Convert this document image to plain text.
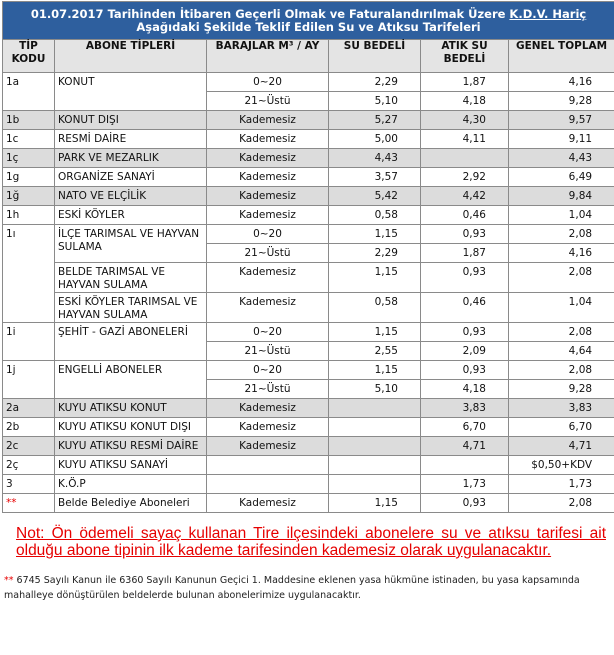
01.07.2017 Tarihinden İtibaren Geçerli Olmak ve Faturalandırılmak Üzere K.D.V. Hariç Aşağıdaki Şekilde Teklif Edilen Su ve Atıksu Tarifeleri					
TİP KODU	ABONE TİPLERİ	BARAJLAR M³ / AY	SU BEDELİ	ATIK SU BEDELİ	GENEL TOPLAM
1a	KONUT	0~20	2,29	1,87	4,16
		21~Üstü	5,10	4,18	9,28
1b	KONUT DIŞI	Kademesiz	5,27	4,30	9,57
1c	RESMİ DAİRE	Kademesiz	5,00	4,11	9,11
1ç	PARK VE MEZARLIK	Kademesiz	4,43		4,43
1g	ORGANİZE SANAYİ	Kademesiz	3,57	2,92	6,49
1ğ	NATO VE ELÇİLİK	Kademesiz	5,42	4,42	9,84
1h	ESKİ KÖYLER	Kademesiz	0,58	0,46	1,04
1ı	İLÇE TARIMSAL VE HAYVAN SULAMA	0~20	1,15	0,93	2,08
		21~Üstü	2,29	1,87	4,16
	BELDE TARIMSAL VE HAYVAN SULAMA	Kademesiz	1,15	0,93	2,08
	ESKİ KÖYLER TARIMSAL VE HAYVAN SULAMA	Kademesiz	0,58	0,46	1,04
1i	ŞEHİT - GAZİ ABONELERİ	0~20	1,15	0,93	2,08
		21~Üstü	2,55	2,09	4,64
1j	ENGELLİ ABONELER	0~20	1,15	0,93	2,08
		21~Üstü	5,10	4,18	9,28
2a	KUYU ATIKSU KONUT	Kademesiz		3,83	3,83
2b	KUYU ATIKSU KONUT DIŞI	Kademesiz		6,70	6,70
2c	KUYU ATIKSU RESMİ DAİRE	Kademesiz		4,71	4,71
2ç	KUYU ATIKSU SANAYİ				$0,50+KDV
3	K.Ö.P			1,73	1,73
**	Belde Belediye Aboneleri	Kademesiz	1,15	0,93	2,08
Not: Ön ödemeli sayaç kullanan Tire ilçesindeki abonelere su ve atıksu tarifesi ait olduğu abone tipinin ilk kademe tarifesinden kademesiz olarak uygulanacaktır.
** 6745 Sayılı Kanun ile 6360 Sayılı Kanunun Geçici 1. Maddesine eklenen yasa hükmüne istinaden, bu yasa kapsamında mahalleye dönüştürülen beldelerde bulunan abonelerimize uygulanacaktır.
